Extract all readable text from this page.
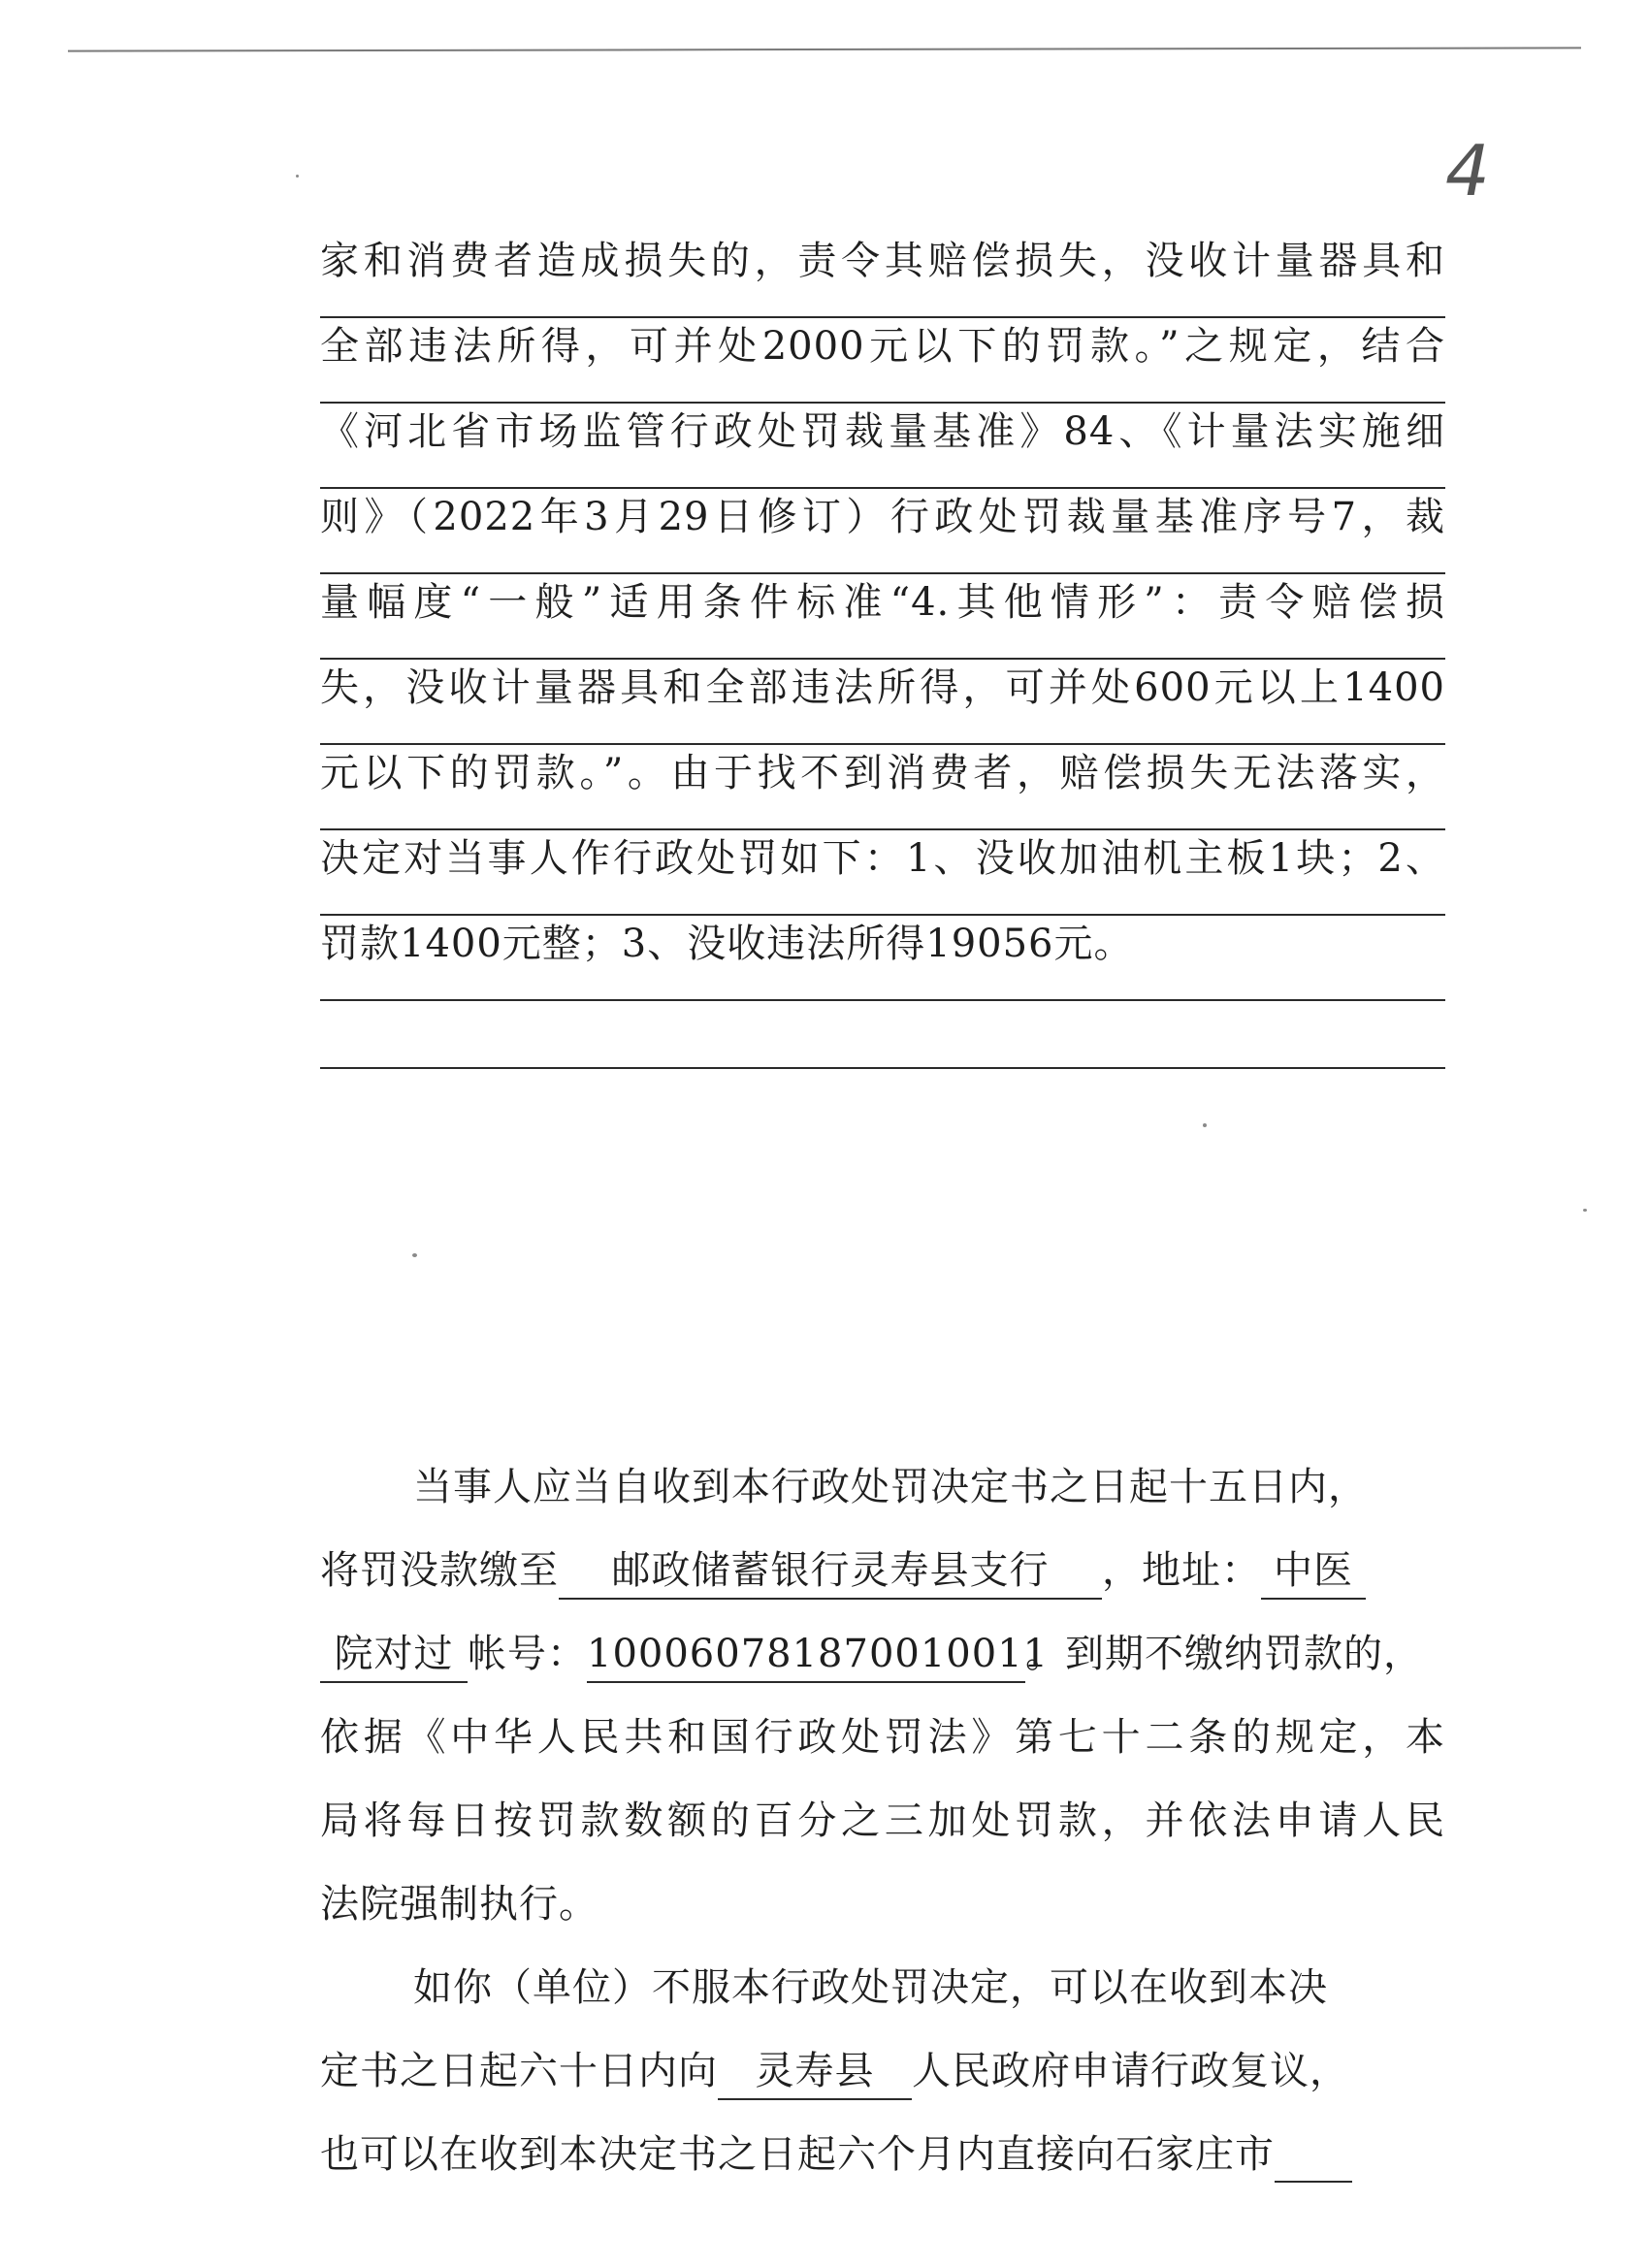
4
家和消费者造成损失的，责令其赔偿损失，没收计量器具和
全部违法所得，可并处2000元以下的罚款。”之规定，结合
《河北省市场监管行政处罚裁量基准》84、《计量法实施细
则》（2022年3月29日修订）行政处罚裁量基准序号7，裁
量幅度“一般”适用条件标准“4.其他情形”：责令赔偿损
失，没收计量器具和全部违法所得，可并处600元以上1400
元以下的罚款。”。由于找不到消费者，赔偿损失无法落实，
决定对当事人作行政处罚如下：1、没收加油机主板1块；2、
罚款1400元整；3、没收违法所得19056元。
当事人应当自收到本行政处罚决定书之日起十五日内，
将罚没款缴至 邮政储蓄银行灵寿县支行 ，地址： 中医
院对过 帐号：100060781870010011。到期不缴纳罚款的，
依据《中华人民共和国行政处罚法》第七十二条的规定，本
局将每日按罚款数额的百分之三加处罚款，并依法申请人民
法院强制执行。
如你（单位）不服本行政处罚决定，可以在收到本决
定书之日起六十日内向 灵寿县 人民政府申请行政复议，
也可以在收到本决定书之日起六个月内直接向石家庄市
